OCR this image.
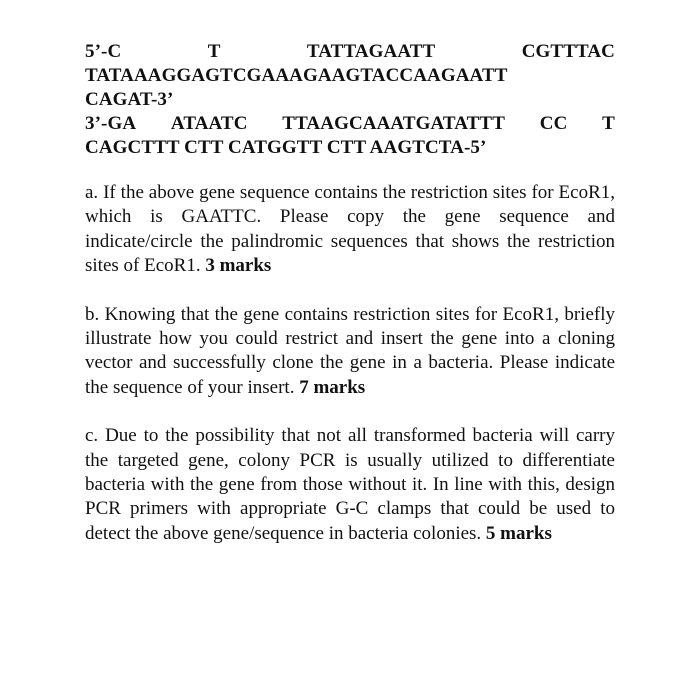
5’-C	T	TATTAGAATT	CGTTTAC
TATAAAGGAGTCGAAAGAAGTACCAAGAATT
CAGAT-3’
3’-GA ATAATC TTAAGCAAATGATATTT CC T
CAGCTTT CTT CATGGTT CTT AAGTCTA-5’

a. If the above gene sequence contains the restriction sites for EcoR1, which is GAATTC. Please copy the gene sequence and indicate/circle the palindromic sequences that shows the restriction sites of EcoR1. 3 marks

b. Knowing that the gene contains restriction sites for EcoR1, briefly illustrate how you could restrict and insert the gene into a cloning vector and successfully clone the gene in a bacteria. Please indicate the sequence of your insert. 7 marks

c. Due to the possibility that not all transformed bacteria will carry the targeted gene, colony PCR is usually utilized to differentiate bacteria with the gene from those without it. In line with this, design PCR primers with appropriate G-C clamps that could be used to detect the above gene/sequence in bacteria colonies. 5 marks
